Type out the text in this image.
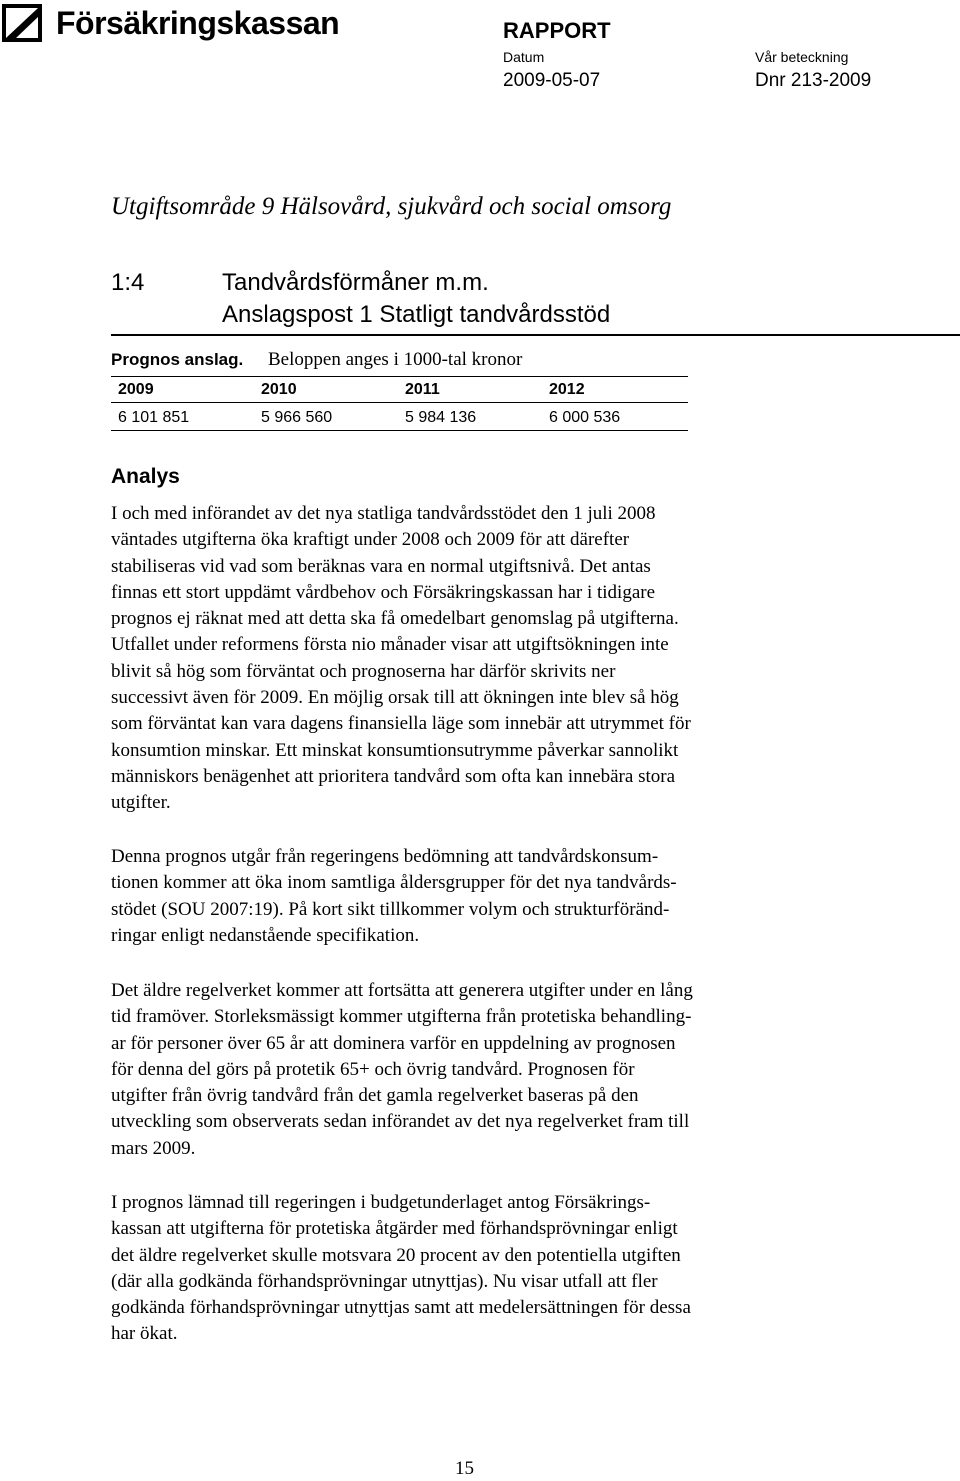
Försäkringskassan	RAPPORT
Datum	Vår beteckning
2009-05-07	Dnr 213-2009
Utgiftsområde 9 Hälsovård, sjukvård och social omsorg
1:4	Tandvårdsförmåner m.m.
Anslagspost 1 Statligt tandvårdsstöd
Prognos anslag. Beloppen anges i 1000-tal kronor
2009	2010	2011	2012
6 101 851	5 966 560	5 984 136	6 000 536
Analys
I och med införandet av det nya statliga tandvårdsstödet den 1 juli 2008
väntades utgifterna öka kraftigt under 2008 och 2009 för att därefter
stabiliseras vid vad som beräknas vara en normal utgiftsnivå. Det antas
finnas ett stort uppdämt vårdbehov och Försäkringskassan har i tidigare
prognos ej räknat med att detta ska få omedelbart genomslag på utgifterna.
Utfallet under reformens första nio månader visar att utgiftsökningen inte
blivit så hög som förväntat och prognoserna har därför skrivits ner
successivt även för 2009. En möjlig orsak till att ökningen inte blev så hög
som förväntat kan vara dagens finansiella läge som innebär att utrymmet för
konsumtion minskar. Ett minskat konsumtionsutrymme påverkar sannolikt
människors benägenhet att prioritera tandvård som ofta kan innebära stora
utgifter.
Denna prognos utgår från regeringens bedömning att tandvårdskonsum-
tionen kommer att öka inom samtliga åldersgrupper för det nya tandvårds-
stödet (SOU 2007:19). På kort sikt tillkommer volym och strukturföränd-
ringar enligt nedanstående specifikation.
Det äldre regelverket kommer att fortsätta att generera utgifter under en lång
tid framöver. Storleksmässigt kommer utgifterna från protetiska behandling-
ar för personer över 65 år att dominera varför en uppdelning av prognosen
för denna del görs på protetik 65+ och övrig tandvård. Prognosen för
utgifter från övrig tandvård från det gamla regelverket baseras på den
utveckling som observerats sedan införandet av det nya regelverket fram till
mars 2009.
I prognos lämnad till regeringen i budgetunderlaget antog Försäkrings-
kassan att utgifterna för protetiska åtgärder med förhandsprövningar enligt
det äldre regelverket skulle motsvara 20 procent av den potentiella utgiften
(där alla godkända förhandsprövningar utnyttjas). Nu visar utfall att fler
godkända förhandsprövningar utnyttjas samt att medelersättningen för dessa
har ökat.
15
